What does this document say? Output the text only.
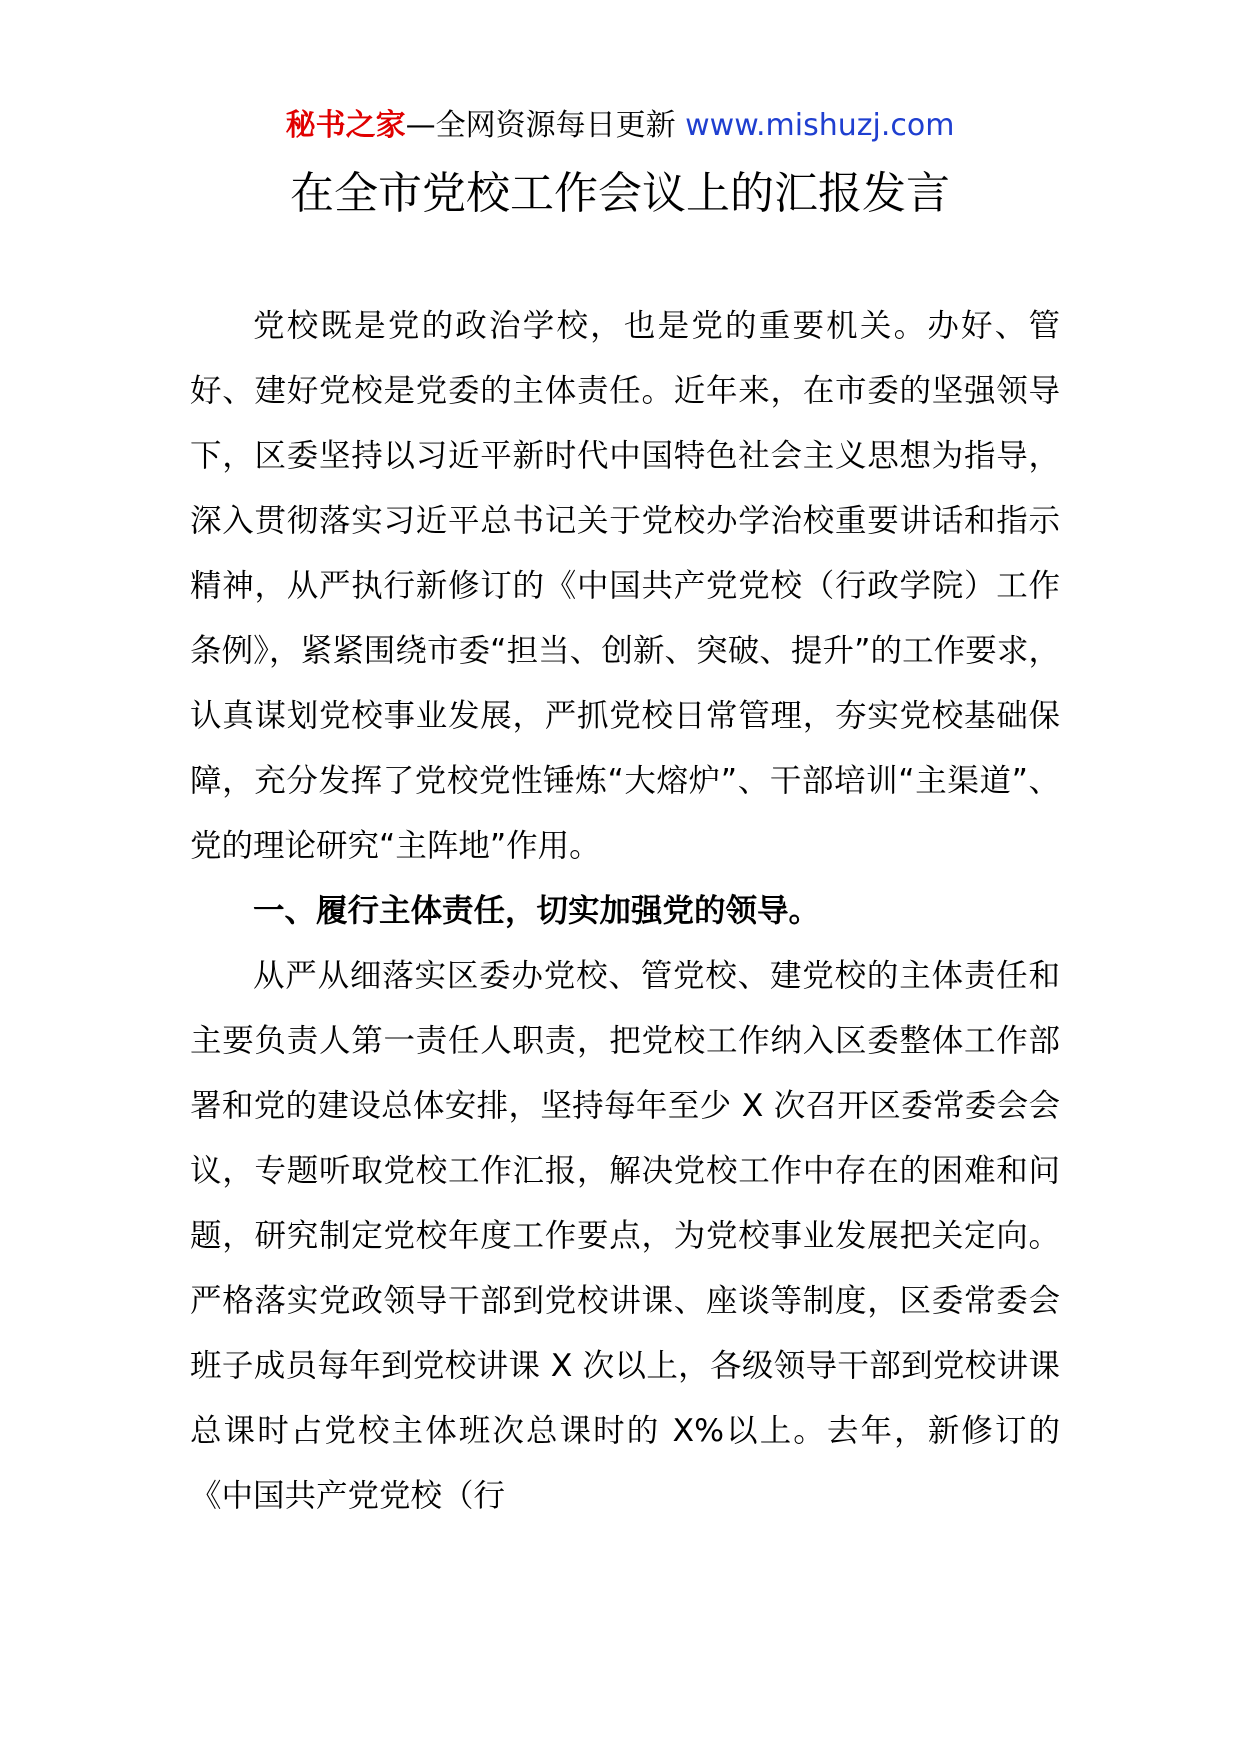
秘书之家—全网资源每日更新 www.mishuzj.com
在全市党校工作会议上的汇报发言

党校既是党的政治学校，也是党的重要机关。办好、管好、建好党校是党委的主体责任。近年来，在市委的坚强领导下，区委坚持以习近平新时代中国特色社会主义思想为指导，深入贯彻落实习近平总书记关于党校办学治校重要讲话和指示精神，从严执行新修订的《中国共产党党校（行政学院）工作条例》，紧紧围绕市委“担当、创新、突破、提升”的工作要求，认真谋划党校事业发展，严抓党校日常管理，夯实党校基础保障，充分发挥了党校党性锤炼“大熔炉”、干部培训“主渠道”、党的理论研究“主阵地”作用。

一、履行主体责任，切实加强党的领导。

从严从细落实区委办党校、管党校、建党校的主体责任和主要负责人第一责任人职责，把党校工作纳入区委整体工作部署和党的建设总体安排，坚持每年至少 X 次召开区委常委会会议，专题听取党校工作汇报，解决党校工作中存在的困难和问题，研究制定党校年度工作要点，为党校事业发展把关定向。严格落实党政领导干部到党校讲课、座谈等制度，区委常委会班子成员每年到党校讲课 X 次以上，各级领导干部到党校讲课总课时占党校主体班次总课时的 X%以上。去年，新修订的《中国共产党党校（行
